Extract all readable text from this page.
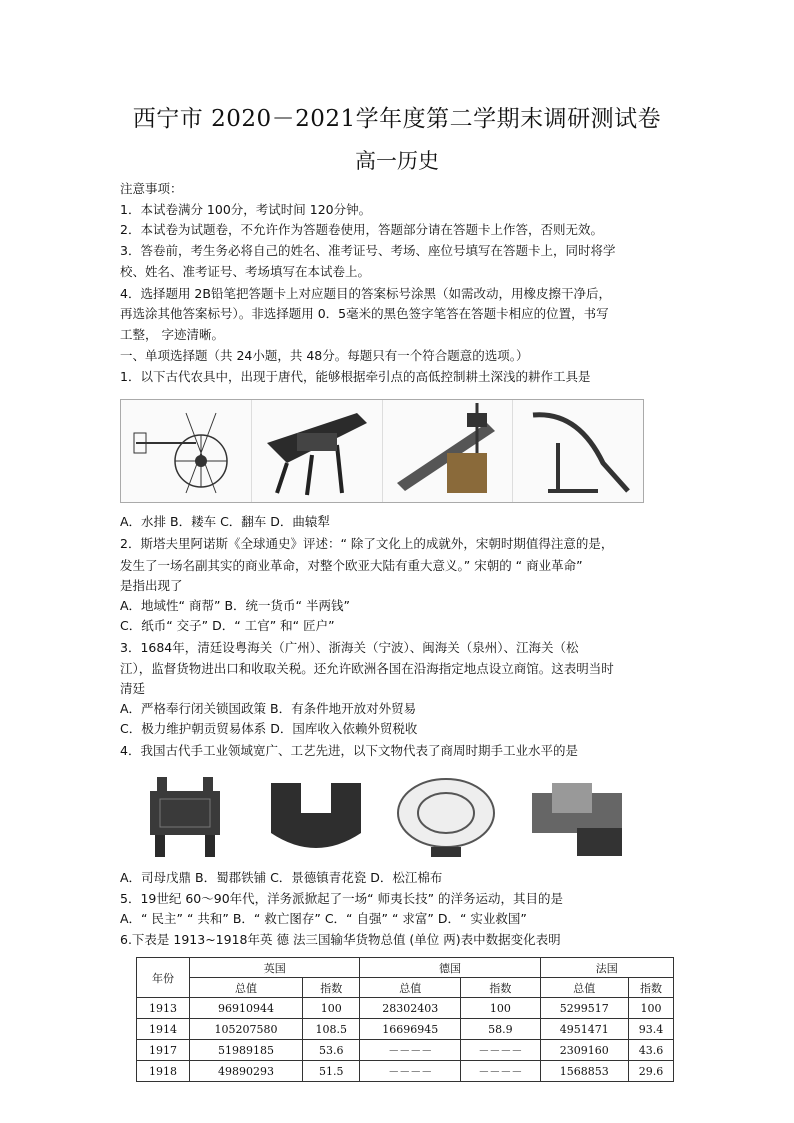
西宁市 2020－2021学年度第二学期末调研测试卷
高一历史
注意事项：
1．本试卷满分 100分，考试时间 120分钟。
2．本试卷为试题卷，不允许作为答题卷使用，答题部分请在答题卡上作答，否则无效。
3．答卷前，考生务必将自己的姓名、准考证号、考场、座位号填写在答题卡上，同时将学
校、姓名、准考证号、考场填写在本试卷上。
4．选择题用 2B铅笔把答题卡上对应题目的答案标号涂黑（如需改动，用橡皮擦干净后，
再选涂其他答案标号）。非选择题用 0．5毫米的黑色签字笔答在答题卡相应的位置，书写
工整， 字迹清晰。
一、单项选择题（共 24小题，共 48分。每题只有一个符合题意的选项。）
1．以下古代农具中，出现于唐代，能够根据牵引点的高低控制耕土深浅的耕作工具是
A．水排 B．耧车 C．翻车 D．曲辕犁
2．斯塔夫里阿诺斯《全球通史》评述：“ 除了文化上的成就外，宋朝时期值得注意的是，
发生了一场名副其实的商业革命，对整个欧亚大陆有重大意义。” 宋朝的 “ 商业革命”
是指出现了
A．地域性“ 商帮” B．统一货币“ 半两钱”
C．纸币“ 交子” D．“ 工官” 和“ 匠户”
3．1684年，清廷设粤海关（广州）、浙海关（宁波）、闽海关（泉州）、江海关（松
江），监督货物进出口和收取关税。还允许欧洲各国在沿海指定地点设立商馆。这表明当时
清廷
A．严格奉行闭关锁国政策 B．有条件地开放对外贸易
C．极力维护朝贡贸易体系 D．国库收入依赖外贸税收
4．我国古代手工业领域宽广、工艺先进，以下文物代表了商周时期手工业水平的是
A．司母戊鼎 B．蜀郡铁铺 C．景德镇青花瓷 D．松江棉布
5．19世纪 60～90年代，洋务派掀起了一场“ 师夷长技” 的洋务运动，其目的是
A．“ 民主” “ 共和” B．“ 救亡图存” C．“ 自强” “ 求富” D．“ 实业救国”
6.下表是 1913~1918年英 德 法三国输华货物总值 (单位 两)表中数据变化表明
年份	英国		德国		法国	
	总值	指数	总值	指数	总值	指数
1913	96910944	100	28302403	100	5299517	100
1914	105207580	108.5	16696945	58.9	4951471	93.4
1917	51989185	53.6	－－－－	－－－－	2309160	43.6
1918	49890293	51.5	－－－－	－－－－	1568853	29.6
